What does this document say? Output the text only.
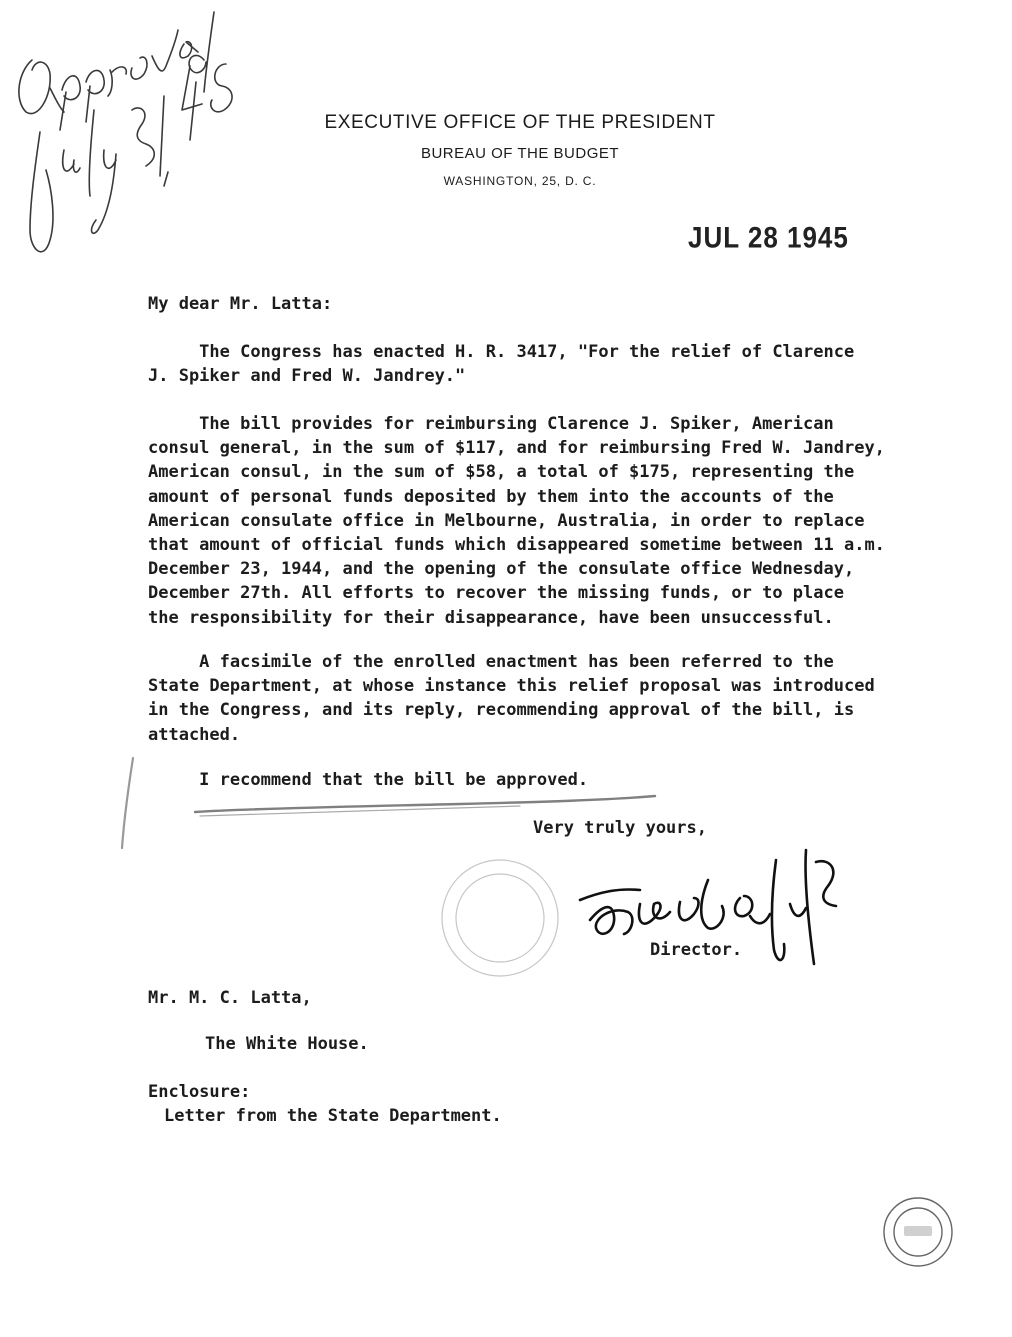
EXECUTIVE OFFICE OF THE PRESIDENT
BUREAU OF THE BUDGET
WASHINGTON, 25, D. C.
JUL 28 1945
My dear Mr. Latta:
The Congress has enacted H. R. 3417, "For the relief of Clarence
J. Spiker and Fred W. Jandrey."
The bill provides for reimbursing Clarence J. Spiker, American
consul general, in the sum of $117, and for reimbursing Fred W. Jandrey,
American consul, in the sum of $58, a total of $175, representing the
amount of personal funds deposited by them into the accounts of the
American consulate office in Melbourne, Australia, in order to replace
that amount of official funds which disappeared sometime between 11 a.m.
December 23, 1944, and the opening of the consulate office Wednesday,
December 27th. All efforts to recover the missing funds, or to place
the responsibility for their disappearance, have been unsuccessful.
A facsimile of the enrolled enactment has been referred to the
State Department, at whose instance this relief proposal was introduced
in the Congress, and its reply, recommending approval of the bill, is
attached.
I recommend that the bill be approved.
Very truly yours,
Director.
Mr. M. C. Latta,
The White House.
Enclosure:
Letter from the State Department.
